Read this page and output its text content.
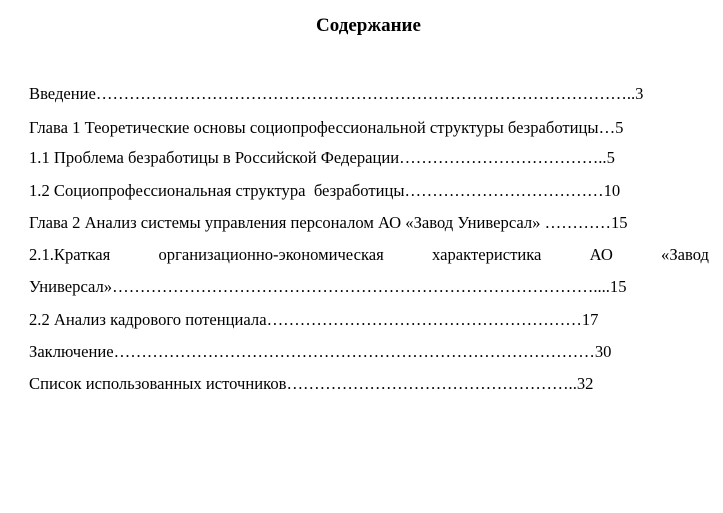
Содержание
Введение……………………………………………………………………………………..3
Глава 1 Теоретические основы социопрофессиональной структуры безработицы…5
1.1 Проблема безработицы в Российской Федерации………………………………..5
1.2 Социопрофессиональная структура  безработицы………………………………10
Глава 2 Анализ системы управления персоналом АО «Завод Универсал» …………15
2.1.Краткая	организационно-экономическая	характеристика	АО	«Завод
Универсал»……………………………………………………………………………....15
2.2 Анализ кадрового потенциала…………………………………………………17
Заключение……………………………………………………………………………30
Список использованных источников……………………………………………..32
